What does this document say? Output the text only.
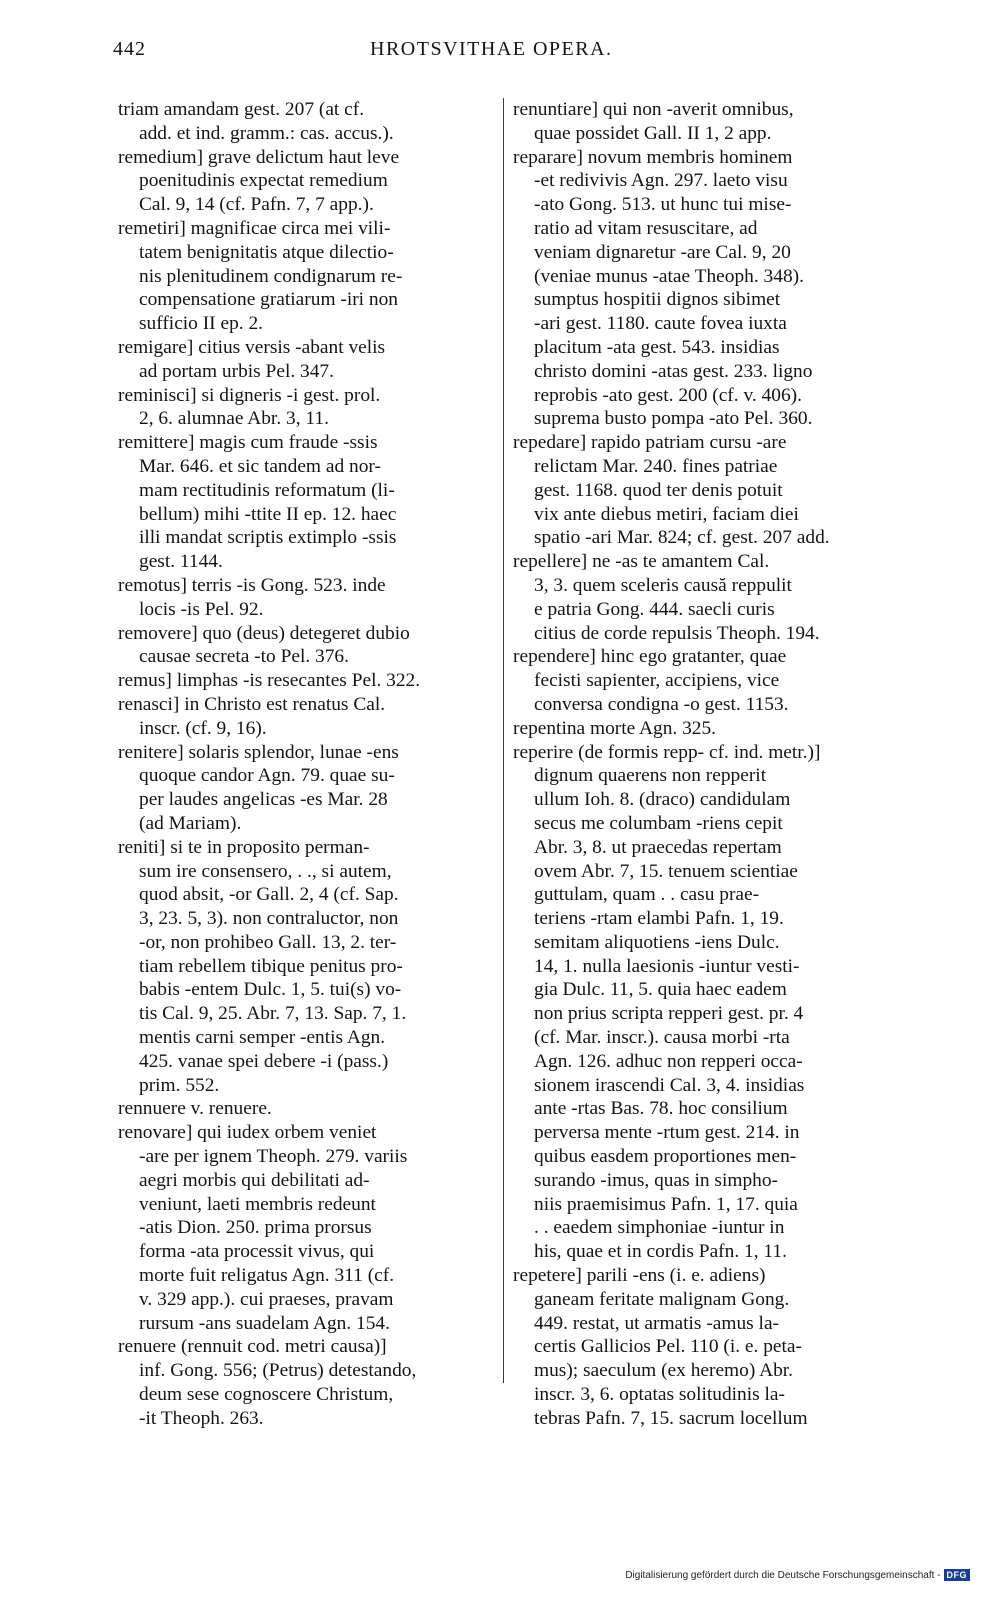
442	HROTSVITHAE OPERA.
triam amandam gest. 207 (at cf.
add. et ind. gramm.: cas. accus.).
remedium] grave delictum haut leve
poenitudinis expectat remedium
Cal. 9, 14 (cf. Pafn. 7, 7 app.).
remetiri] magnificae circa mei vili-
tatem benignitatis atque dilectio-
nis plenitudinem condignarum re-
compensatione gratiarum -iri non
sufficio II ep. 2.
remigare] citius versis -abant velis
ad portam urbis Pel. 347.
reminisci] si digneris -i gest. prol.
2, 6. alumnae Abr. 3, 11.
remittere] magis cum fraude -ssis
Mar. 646. et sic tandem ad nor-
mam rectitudinis reformatum (li-
bellum) mihi -ttite II ep. 12. haec
illi mandat scriptis extimplo -ssis
gest. 1144.
remotus] terris -is Gong. 523. inde
locis -is Pel. 92.
removere] quo (deus) detegeret dubio
causae secreta -to Pel. 376.
remus] limphas -is resecantes Pel. 322.
renasci] in Christo est renatus Cal.
inscr. (cf. 9, 16).
renitere] solaris splendor, lunae -ens
quoque candor Agn. 79. quae su-
per laudes angelicas -es Mar. 28
(ad Mariam).
reniti] si te in proposito perman-
sum ire consensero, . ., si autem,
quod absit, -or Gall. 2, 4 (cf. Sap.
3, 23. 5, 3). non contraluctor, non
-or, non prohibeo Gall. 13, 2. ter-
tiam rebellem tibique penitus pro-
babis -entem Dulc. 1, 5. tui(s) vo-
tis Cal. 9, 25. Abr. 7, 13. Sap. 7, 1.
mentis carni semper -entis Agn.
425. vanae spei debere -i (pass.)
prim. 552.
rennuere v. renuere.
renovare] qui iudex orbem veniet
-are per ignem Theoph. 279. variis
aegri morbis qui debilitati ad-
veniunt, laeti membris redeunt
-atis Dion. 250. prima prorsus
forma -ata processit vivus, qui
morte fuit religatus Agn. 311 (cf.
v. 329 app.). cui praeses, pravam
rursum -ans suadelam Agn. 154.
renuere (rennuit cod. metri causa)]
inf. Gong. 556; (Petrus) detestando,
deum sese cognoscere Christum,
-it Theoph. 263.
renuntiare] qui non -averit omnibus,
quae possidet Gall. II 1, 2 app.
reparare] novum membris hominem
-et redivivis Agn. 297. laeto visu
-ato Gong. 513. ut hunc tui mise-
ratio ad vitam resuscitare, ad
veniam dignaretur -are Cal. 9, 20
(veniae munus -atae Theoph. 348).
sumptus hospitii dignos sibimet
-ari gest. 1180. caute fovea iuxta
placitum -ata gest. 543. insidias
christo domini -atas gest. 233. ligno
reprobis -ato gest. 200 (cf. v. 406).
suprema busto pompa -ato Pel. 360.
repedare] rapido patriam cursu -are
relictam Mar. 240. fines patriae
gest. 1168. quod ter denis potuit
vix ante diebus metiri, faciam diei
spatio -ari Mar. 824; cf. gest. 207 add.
repellere] ne -as te amantem Cal.
3, 3. quem sceleris causă reppulit
e patria Gong. 444. saecli curis
citius de corde repulsis Theoph. 194.
rependere] hinc ego gratanter, quae
fecisti sapienter, accipiens, vice
conversa condigna -o gest. 1153.
repentina morte Agn. 325.
reperire (de formis repp- cf. ind. metr.)]
dignum quaerens non repperit
ullum Ioh. 8. (draco) candidulam
secus me columbam -riens cepit
Abr. 3, 8. ut praecedas repertam
ovem Abr. 7, 15. tenuem scientiae
guttulam, quam . . casu prae-
teriens -rtam elambi Pafn. 1, 19.
semitam aliquotiens -iens Dulc.
14, 1. nulla laesionis -iuntur vesti-
gia Dulc. 11, 5. quia haec eadem
non prius scripta repperi gest. pr. 4
(cf. Mar. inscr.). causa morbi -rta
Agn. 126. adhuc non repperi occa-
sionem irascendi Cal. 3, 4. insidias
ante -rtas Bas. 78. hoc consilium
perversa mente -rtum gest. 214. in
quibus easdem proportiones men-
surando -imus, quas in simpho-
niis praemisimus Pafn. 1, 17. quia
. . eaedem simphoniae -iuntur in
his, quae et in cordis Pafn. 1, 11.
repetere] parili -ens (i. e. adiens)
ganeam feritate malignam Gong.
449. restat, ut armatis -amus la-
certis Gallicios Pel. 110 (i. e. peta-
mus); saeculum (ex heremo) Abr.
inscr. 3, 6. optatas solitudinis la-
tebras Pafn. 7, 15. sacrum locellum
Digitalisierung gefördert durch die Deutsche Forschungsgemeinschaft - DFG
